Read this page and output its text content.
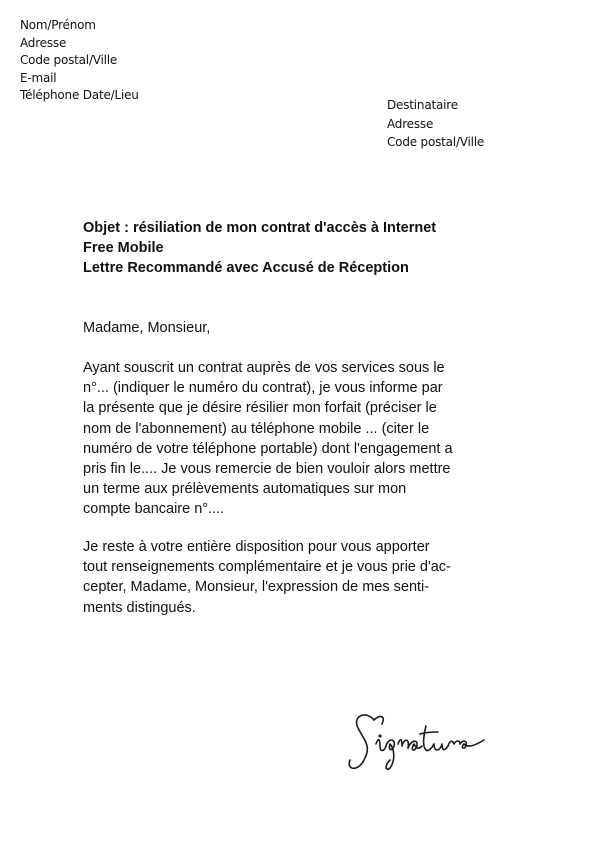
Nom/Prénom
Adresse
Code postal/Ville
E-mail
Téléphone Date/Lieu
Destinataire
Adresse
Code postal/Ville
Objet : résiliation de mon contrat d'accès à Internet
Free Mobile
Lettre Recommandé avec Accusé de Réception
Madame, Monsieur,
Ayant souscrit un contrat auprès de vos services sous le
n°... (indiquer le numéro du contrat), je vous informe par
la présente que je désire résilier mon forfait (préciser le
nom de l'abonnement) au téléphone mobile ... (citer le
numéro de votre téléphone portable) dont l'engagement a
pris fin le.... Je vous remercie de bien vouloir alors mettre
un terme aux prélèvements automatiques sur mon
compte bancaire n°....
Je reste à votre entière disposition pour vous apporter
tout renseignements complémentaire et je vous prie d'ac-
cepter, Madame, Monsieur, l'expression de mes senti-
ments distingués.
